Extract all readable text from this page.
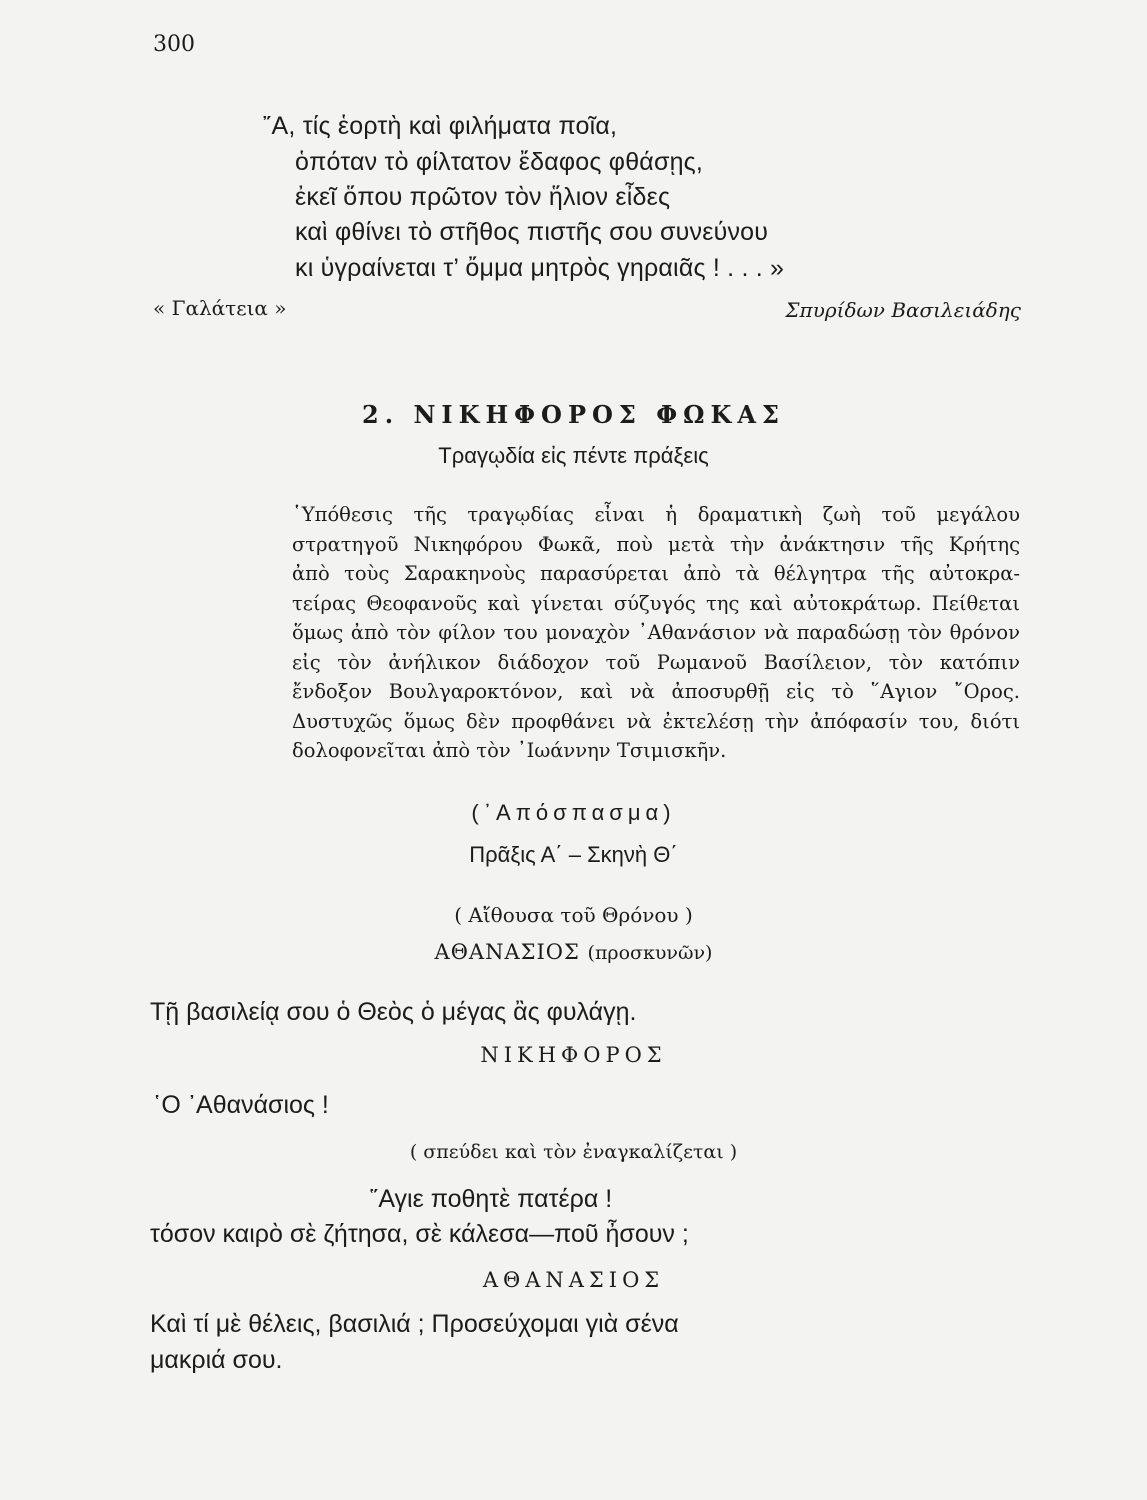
300
῎Α, τίς ἑορτὴ καὶ φιλήματα ποῖα,
ὁπόταν τὸ φίλτατον ἔδαφος φθάσῃς,
ἐκεῖ ὅπου πρῶτον τὸν ἥλιον εἶδες
καὶ φθίνει τὸ στῆθος πιστῆς σου συνεύνου
κι ὑγραίνεται τ’ ὄμμα μητρὸς γηραιᾶς ! . . . »
« Γαλάτεια »	Σπυρίδων Βασιλειάδης
2. ΝΙΚΗΦΟΡΟΣ ΦΩΚΑΣ
Τραγῳδία εἰς πέντε πράξεις
῾Υπόθεσις τῆς τραγῳδίας εἶναι ἡ δραματικὴ ζωὴ τοῦ μεγάλου
στρατηγοῦ Νικηφόρου Φωκᾶ, ποὺ μετὰ τὴν ἀνάκτησιν τῆς Κρήτης
ἀπὸ τοὺς Σαρακηνοὺς παρασύρεται ἀπὸ τὰ θέλγητρα τῆς αὐτοκρα-
τείρας Θεοφανοῦς καὶ γίνεται σύζυγός της καὶ αὐτοκράτωρ. Πείθεται
ὅμως ἀπὸ τὸν φίλον του μοναχὸν ᾿Αθανάσιον νὰ παραδώσῃ τὸν θρόνον
εἰς τὸν ἀνήλικον διάδοχον τοῦ Ρωμανοῦ Βασίλειον, τὸν κατόπιν
ἔνδοξον Βουλγαροκτόνον, καὶ νὰ ἀποσυρθῇ εἰς τὸ ῞Αγιον ῎Ορος.
Δυστυχῶς ὅμως δὲν προφθάνει νὰ ἐκτελέσῃ τὴν ἀπόφασίν του, διότι
δολοφονεῖται ἀπὸ τὸν ᾿Ιωάννην Τσιμισκῆν.
(᾿Απόσπασμα)
Πρᾶξις Α΄ – Σκηνὴ Θ΄
( Αἴθουσα τοῦ Θρόνου )
ΑΘΑΝΑΣΙΟΣ (προσκυνῶν)
Τῇ βασιλείᾳ σου ὁ Θεὸς ὁ μέγας ἂς φυλάγῃ.
ΝΙΚΗΦΟΡΟΣ
῾Ο ᾿Αθανάσιος !
( σπεύδει καὶ τὸν ἐναγκαλίζεται )
῞Αγιε ποθητὲ πατέρα !
τόσον καιρὸ σὲ ζήτησα, σὲ κάλεσα—ποῦ ἦσουν ;
ΑΘΑΝΑΣΙΟΣ
Καὶ τί μὲ θέλεις, βασιλιά ; Προσεύχομαι γιὰ σένα
μακριά σου.
